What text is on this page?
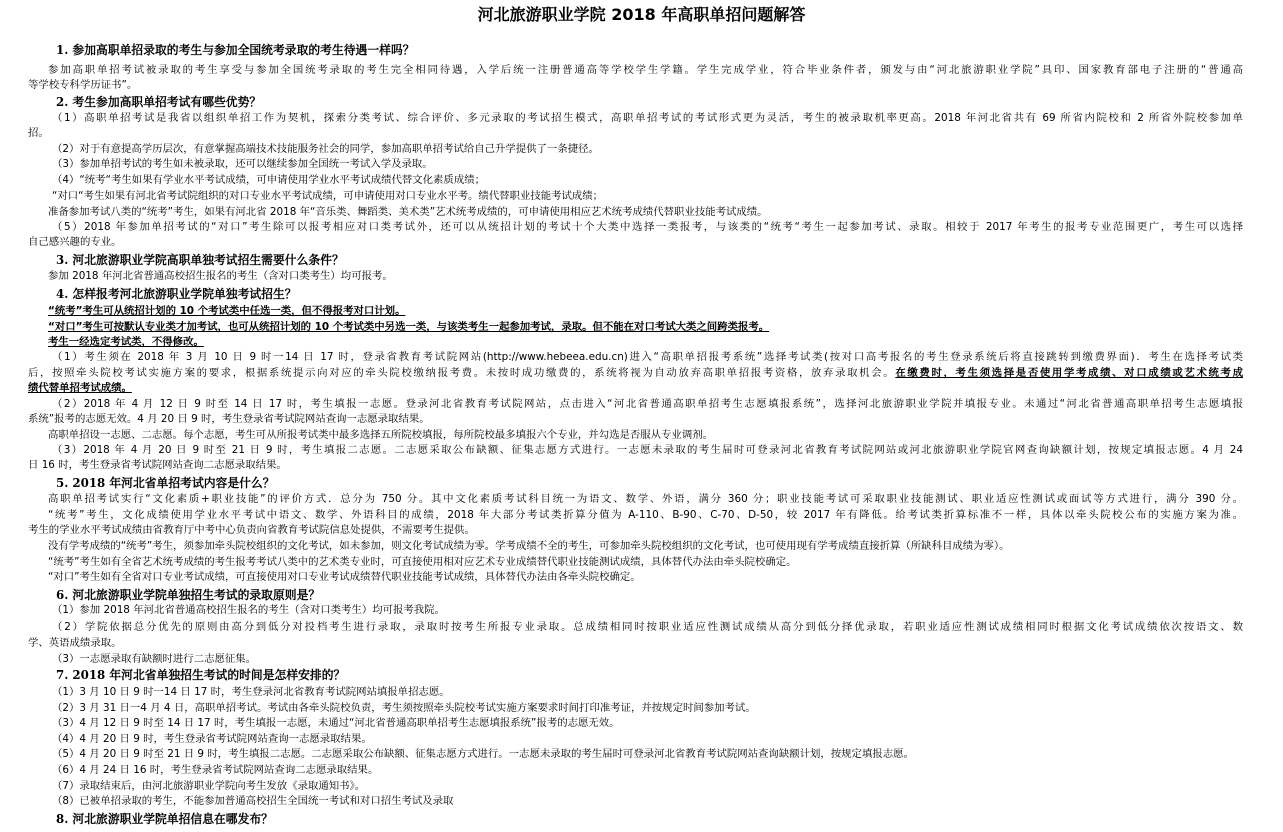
河北旅游职业学院 2018 年高职单招问题解答
1. 参加高职单招录取的考生与参加全国统考录取的考生待遇一样吗？
参加高职单招考试被录取的考生享受与参加全国统考录取的考生完全相同待遇，入学后统一注册普通高等学校学生学籍。学生完成学业，符合毕业条件者，颁发与由“河北旅游职业学院”具印、国家教育部电子注册的“普通高
等学校专科学历证书”。
2. 考生参加高职单招考试有哪些优势？
（1）高职单招考试是我省以组织单招工作为契机，探索分类考试、综合评价、多元录取的考试招生模式，高职单招考试的考试形式更为灵活，考生的被录取机率更高。2018 年河北省共有 69 所省内院校和 2 所省外院校参加单
招。
（2）对于有意提高学历层次，有意掌握高端技术技能服务社会的同学，参加高职单招考试给自己升学提供了一条捷径。
（3）参加单招考试的考生如未被录取，还可以继续参加全国统一考试入学及录取。
（4）“统考“考生如果有学业水平考试成绩，可申请使用学业水平考试成绩代替文化素质成绩；
“对口“考生如果有河北省考试院组织的对口专业水平考试成绩，可申请使用对口专业水平考。绩代替职业技能考试成绩；
准备参加考试八类的“统考”考生，如果有河北省 2018 年“音乐类、舞蹈类、美术类”艺术统考成绩的，可申请使用相应艺术统考成绩代替职业技能考试成绩。
（5）2018 年参加单招考试的“对口”考生除可以报考相应对口类考试外，还可以从统招计划的考试十个大类中选择一类报考，与该类的“统考“考生一起参加考试、录取。相较于 2017 年考生的报考专业范围更广，考生可以选择
自己感兴趣的专业。
3. 河北旅游职业学院高职单独考试招生需要什么条件？
参加 2018 年河北省普通高校招生报名的考生（含对口类考生）均可报考。
4. 怎样报考河北旅游职业学院单独考试招生？
“统考”考生可从统招计划的 10 个考试类中任选一类，但不得报考对口计划。
“对口”考生可按默认专业类才加考试，也可从统招计划的 10 个考试类中另选一类，与该类考生一起参加考试，录取。但不能在对口考试大类之间跨类报考。
考生一经选定考试类，不得修改。
（1）考生须在 2018 年 3 月 10 日 9 时一14 日 17 时，登录省教育考试院网站(http://www.hebeea.edu.cn)进入“高职单招报考系统”选择考试类(按对口高考报名的考生登录系统后将直接跳转到缴费界面)．考生在选择考试类
后，按照牵头院校考试实施方案的要求，根据系统提示向对应的牵头院校缴纳报考费。未按时成功缴费的，系统将视为自动放弃高职单招报考资格，放弃录取机会。在缴费时，考生须选择是否使用学考成绩、对口成绩或艺术统考成
绩代替单招考试成绩。
（2）2018 年 4 月 12 日 9 时至 14 日 17 时，考生填报一志愿。登录河北省教育考试院网站，点击进入“河北省普通高职单招考生志愿填报系统”，选择河北旅游职业学院并填报专业。未通过“河北省普通高职单招考生志愿填报
系统”报考的志愿无效。4 月 20 日 9 时，考生登录省考试院网站查询一志愿录取结果。
高职单招设一志愿、二志愿。每个志愿，考生可从所报考试类中最多选择五所院校填报，每所院校最多填报六个专业，并勾选是否服从专业调剂。
（3）2018 年 4 月 20 日 9 时至 21 日 9 时，考生填报二志愿。二志愿采取公布缺额、征集志愿方式进行。一志愿未录取的考生届时可登录河北省教育考试院网站或河北旅游职业学院官网查询缺额计划，按规定填报志愿。4 月 24
日 16 时，考生登录省考试院网站查询二志愿录取结果。
5. 2018 年河北省单招考试内容是什么？
高职单招考试实行“文化素质+职业技能”的评价方式．总分为 750 分。其中文化素质考试科目统一为语文、数学、外语，满分 360 分；职业技能考试可采取职业技能测试、职业适应性测试或面试等方式进行，满分 390 分。
“统考”考生，文化成绩使用学业水平考试中语文、数学、外语科目的成绩，2018 年大部分考试类折算分值为 A-110、B-90、C-70、D-50，较 2017 年有降低。给考试类折算标准不一样，具体以牵头院校公布的实施方案为准。
考生的学业水平考试成绩由省教育厅中考中心负责向省教育考试院信息处提供，不需要考生提供。
没有学考成绩的“统考”考生，须参加牵头院校组织的文化考试，如未参加，则文化考试成绩为零。学考成绩不全的考生，可参加牵头院校组织的文化考试，也可使用现有学考成绩直接折算（所缺科目成绩为零）。
“统考”考生如有全省艺术统考成绩的考生报考考试八类中的艺术类专业时，可直接使用相对应艺术专业成绩替代职业技能测试成绩，具体替代办法由牵头院校确定。
“对口”考生如有全省对口专业考试成绩，可直接使用对口专业考试成绩替代职业技能考试成绩，具体替代办法由各牵头院校确定。
6. 河北旅游职业学院单独招生考试的录取原则是？
（1）参加 2018 年河北省普通高校招生报名的考生（含对口类考生）均可报考我院。
（2）学院依据总分优先的原则由高分到低分对投档考生进行录取，录取时按考生所报专业录取。总成绩相同时按职业适应性测试成绩从高分到低分择优录取，若职业适应性测试成绩相同时根据文化考试成绩依次按语文、数
学、英语成绩录取。
（3）一志愿录取有缺额时进行二志愿征集。
7. 2018 年河北省单独招生考试的时间是怎样安排的？
（1）3 月 10 日 9 时一14 日 17 时，考生登录河北省教育考试院网站填报单招志愿。
（2）3 月 31 日一4 月 4 日，高职单招考试。考试由各牵头院校负责，考生须按照牵头院校考试实施方案要求时间打印准考证，并按规定时间参加考试。
（3）4 月 12 日 9 时至 14 日 17 时，考生填报一志愿，未通过“河北省普通高职单招考生志愿填报系统”报考的志愿无效。
（4）4 月 20 日 9 时，考生登录省考试院网站查询一志愿录取结果。
（5）4 月 20 日 9 时至 21 日 9 时，考生填报二志愿。二志愿采取公布缺额、征集志愿方式进行。一志愿未录取的考生届时可登录河北省教育考试院网站查询缺额计划，按规定填报志愿。
（6）4 月 24 日 16 时，考生登录省考试院网站查询二志愿录取结果。
（7）录取结束后，由河北旅游职业学院向考生发放《录取通知书》。
（8）已被单招录取的考生，不能参加普通高校招生全国统一考试和对口招生考试及录取
8. 河北旅游职业学院单招信息在哪发布？
